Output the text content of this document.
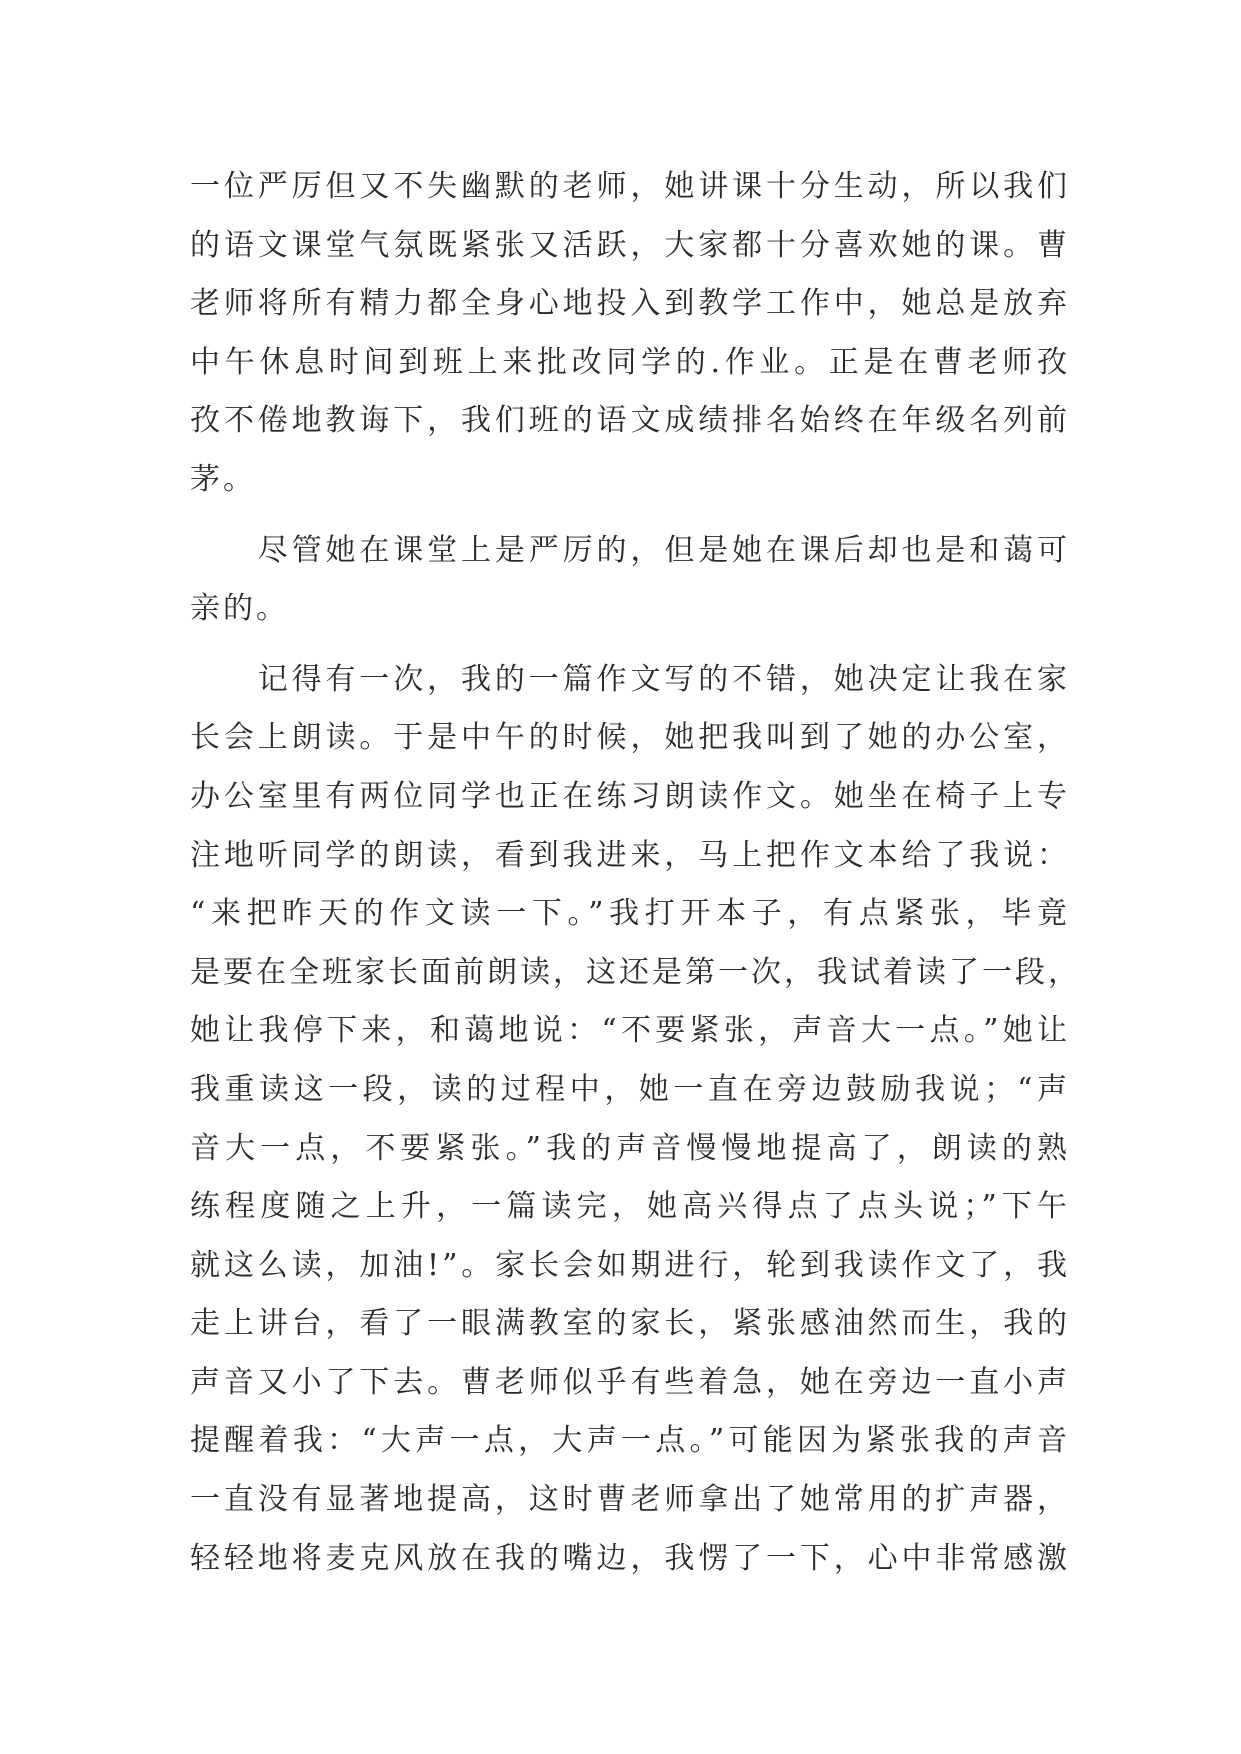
一位严厉但又不失幽默的老师，她讲课十分生动，所以我们
的语文课堂气氛既紧张又活跃，大家都十分喜欢她的课。曹
老师将所有精力都全身心地投入到教学工作中，她总是放弃
中午休息时间到班上来批改同学的.作业。正是在曹老师孜
孜不倦地教诲下，我们班的语文成绩排名始终在年级名列前
茅。
　　尽管她在课堂上是严厉的，但是她在课后却也是和蔼可
亲的。
　　记得有一次，我的一篇作文写的不错，她决定让我在家
长会上朗读。于是中午的时候，她把我叫到了她的办公室，
办公室里有两位同学也正在练习朗读作文。她坐在椅子上专
注地听同学的朗读，看到我进来，马上把作文本给了我说：
“来把昨天的作文读一下。”我打开本子，有点紧张，毕竟
是要在全班家长面前朗读，这还是第一次，我试着读了一段，
她让我停下来，和蔼地说：“不要紧张，声音大一点。”她让
我重读这一段，读的过程中，她一直在旁边鼓励我说；“声
音大一点，不要紧张。”我的声音慢慢地提高了，朗读的熟
练程度随之上升，一篇读完，她高兴得点了点头说；”下午
就这么读，加油!”。家长会如期进行，轮到我读作文了，我
走上讲台，看了一眼满教室的家长，紧张感油然而生，我的
声音又小了下去。曹老师似乎有些着急，她在旁边一直小声
提醒着我：“大声一点，大声一点。”可能因为紧张我的声音
一直没有显著地提高，这时曹老师拿出了她常用的扩声器，
轻轻地将麦克风放在我的嘴边，我愣了一下，心中非常感激
